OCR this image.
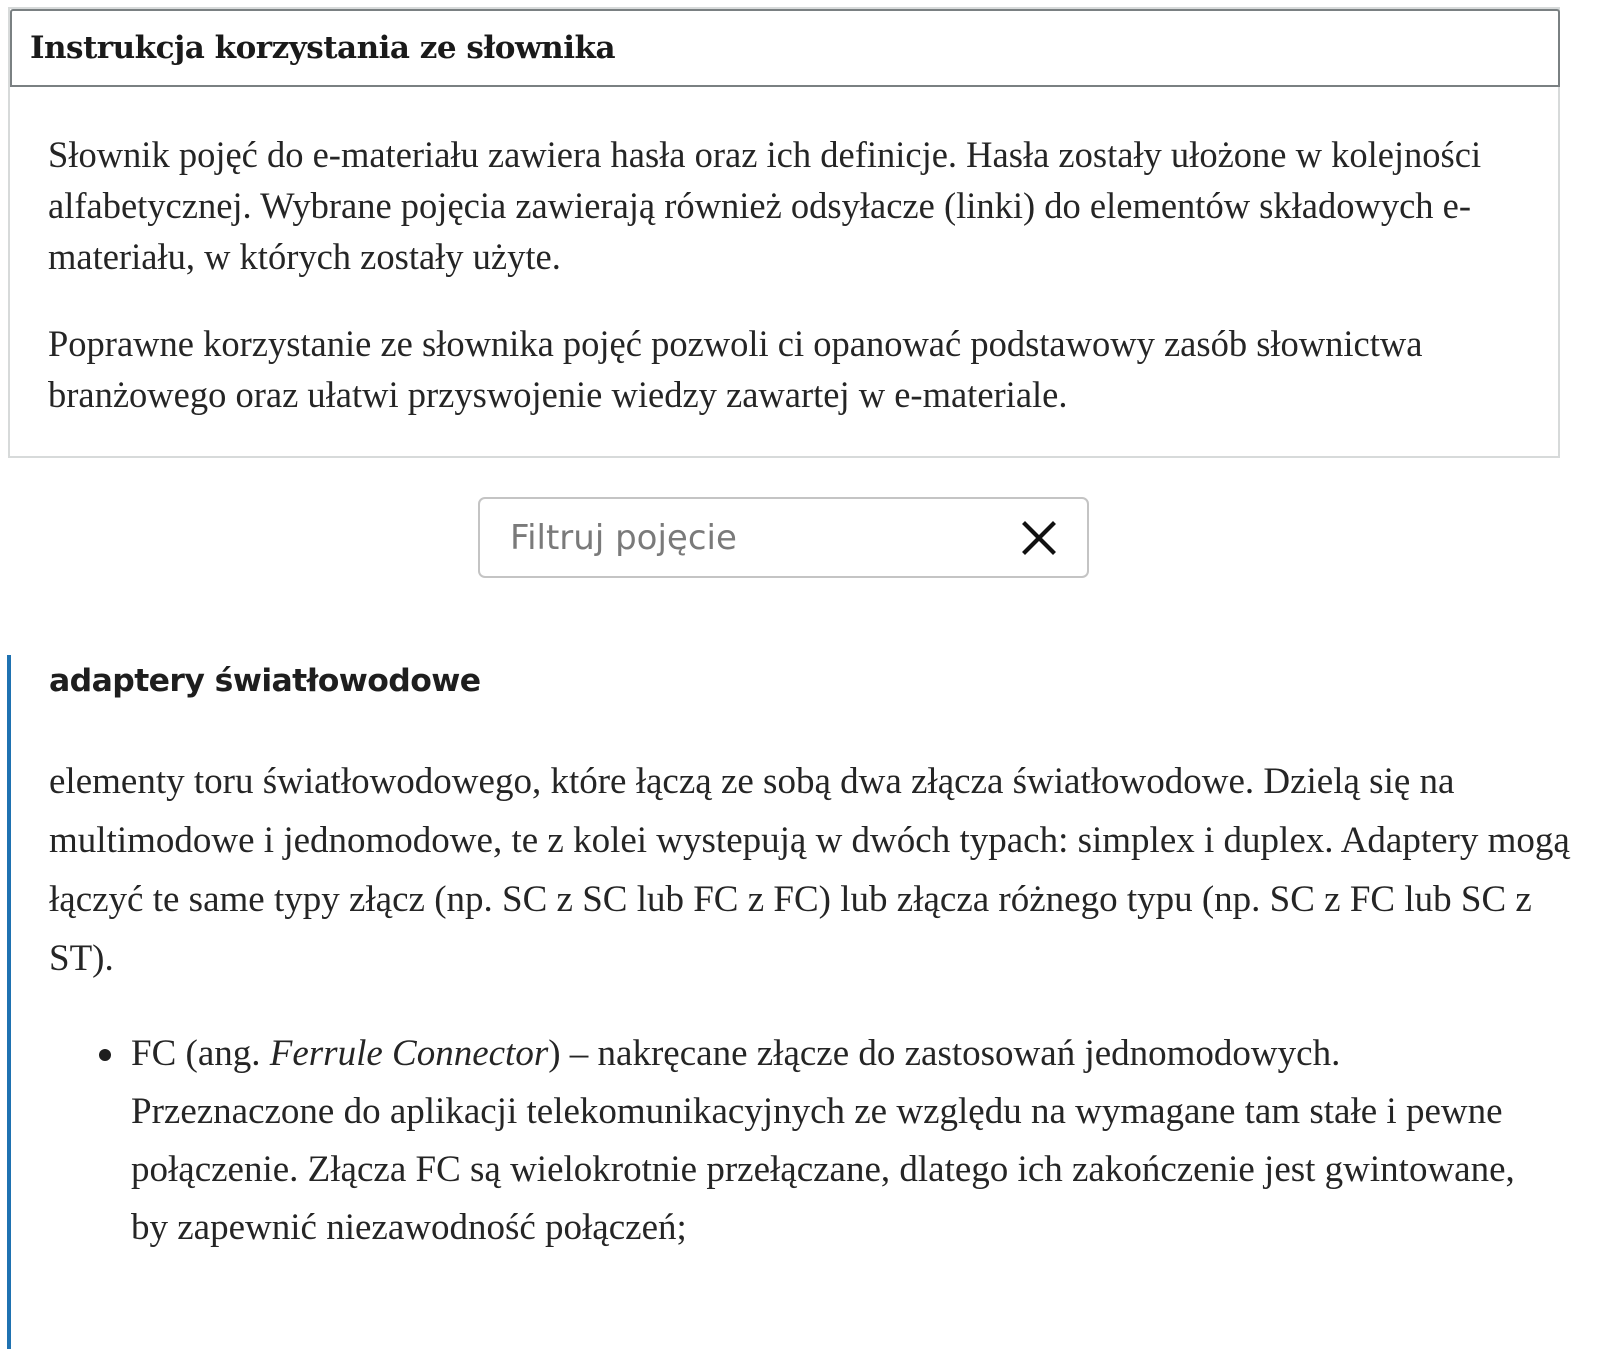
Instrukcja korzystania ze słownika

Słownik pojęć do e-materiału zawiera hasła oraz ich definicje. Hasła zostały ułożone w kolejności alfabetycznej. Wybrane pojęcia zawierają również odsyłacze (linki) do elementów składowych e-materiału, w których zostały użyte.

Poprawne korzystanie ze słownika pojęć pozwoli ci opanować podstawowy zasób słownictwa branżowego oraz ułatwi przyswojenie wiedzy zawartej w e-materiale.

Filtruj pojęcie
adaptery światłowodowe

elementy toru światłowodowego, które łączą ze sobą dwa złącza światłowodowe. Dzielą się na multimodowe i jednomodowe, te z kolei wystepują w dwóch typach: simplex i duplex. Adaptery mogą łączyć te same typy złącz (np. SC z SC lub FC z FC) lub złącza różnego typu (np. SC z FC lub SC z ST).

FC (ang. Ferrule Connector) – nakręcane złącze do zastosowań jednomodowych. Przeznaczone do aplikacji telekomunikacyjnych ze względu na wymagane tam stałe i pewne połączenie. Złącza FC są wielokrotnie przełączane, dlatego ich zakończenie jest gwintowane, by zapewnić niezawodność połączeń;
